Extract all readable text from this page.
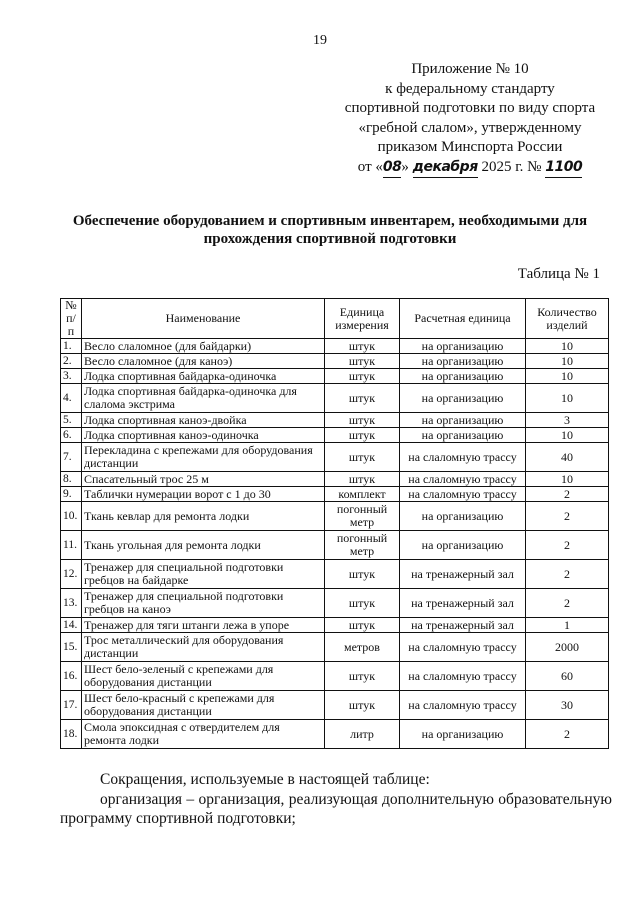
19
Приложение № 10
к федеральному стандарту
спортивной подготовки по виду спорта
«гребной слалом», утвержденному
приказом Минспорта России
от «08» декабря 2025 г. № 1100
Обеспечение оборудованием и спортивным инвентарем, необходимыми для прохождения спортивной подготовки
Таблица № 1
№ п/п	Наименование	Единица измерения	Расчетная единица	Количество изделий
1.	Весло слаломное (для байдарки)	штук	на организацию	10
2.	Весло слаломное (для каноэ)	штук	на организацию	10
3.	Лодка спортивная байдарка-одиночка	штук	на организацию	10
4.	Лодка спортивная байдарка-одиночка для слалома экстрима	штук	на организацию	10
5.	Лодка спортивная каноэ-двойка	штук	на организацию	3
6.	Лодка спортивная каноэ-одиночка	штук	на организацию	10
7.	Перекладина с крепежами для оборудования дистанции	штук	на слаломную трассу	40
8.	Спасательный трос 25 м	штук	на слаломную трассу	10
9.	Таблички нумерации ворот с 1 до 30	комплект	на слаломную трассу	2
10.	Ткань кевлар для ремонта лодки	погонный метр	на организацию	2
11.	Ткань угольная для ремонта лодки	погонный метр	на организацию	2
12.	Тренажер для специальной подготовки гребцов на байдарке	штук	на тренажерный зал	2
13.	Тренажер для специальной подготовки гребцов на каноэ	штук	на тренажерный зал	2
14.	Тренажер для тяги штанги лежа в упоре	штук	на тренажерный зал	1
15.	Трос металлический для оборудования дистанции	метров	на слаломную трассу	2000
16.	Шест бело-зеленый с крепежами для оборудования дистанции	штук	на слаломную трассу	60
17.	Шест бело-красный с крепежами для оборудования дистанции	штук	на слаломную трассу	30
18.	Смола эпоксидная с отвердителем для ремонта лодки	литр	на организацию	2

Сокращения, используемые в настоящей таблице:

организация – организация, реализующая дополнительную образовательную программу спортивной подготовки;
